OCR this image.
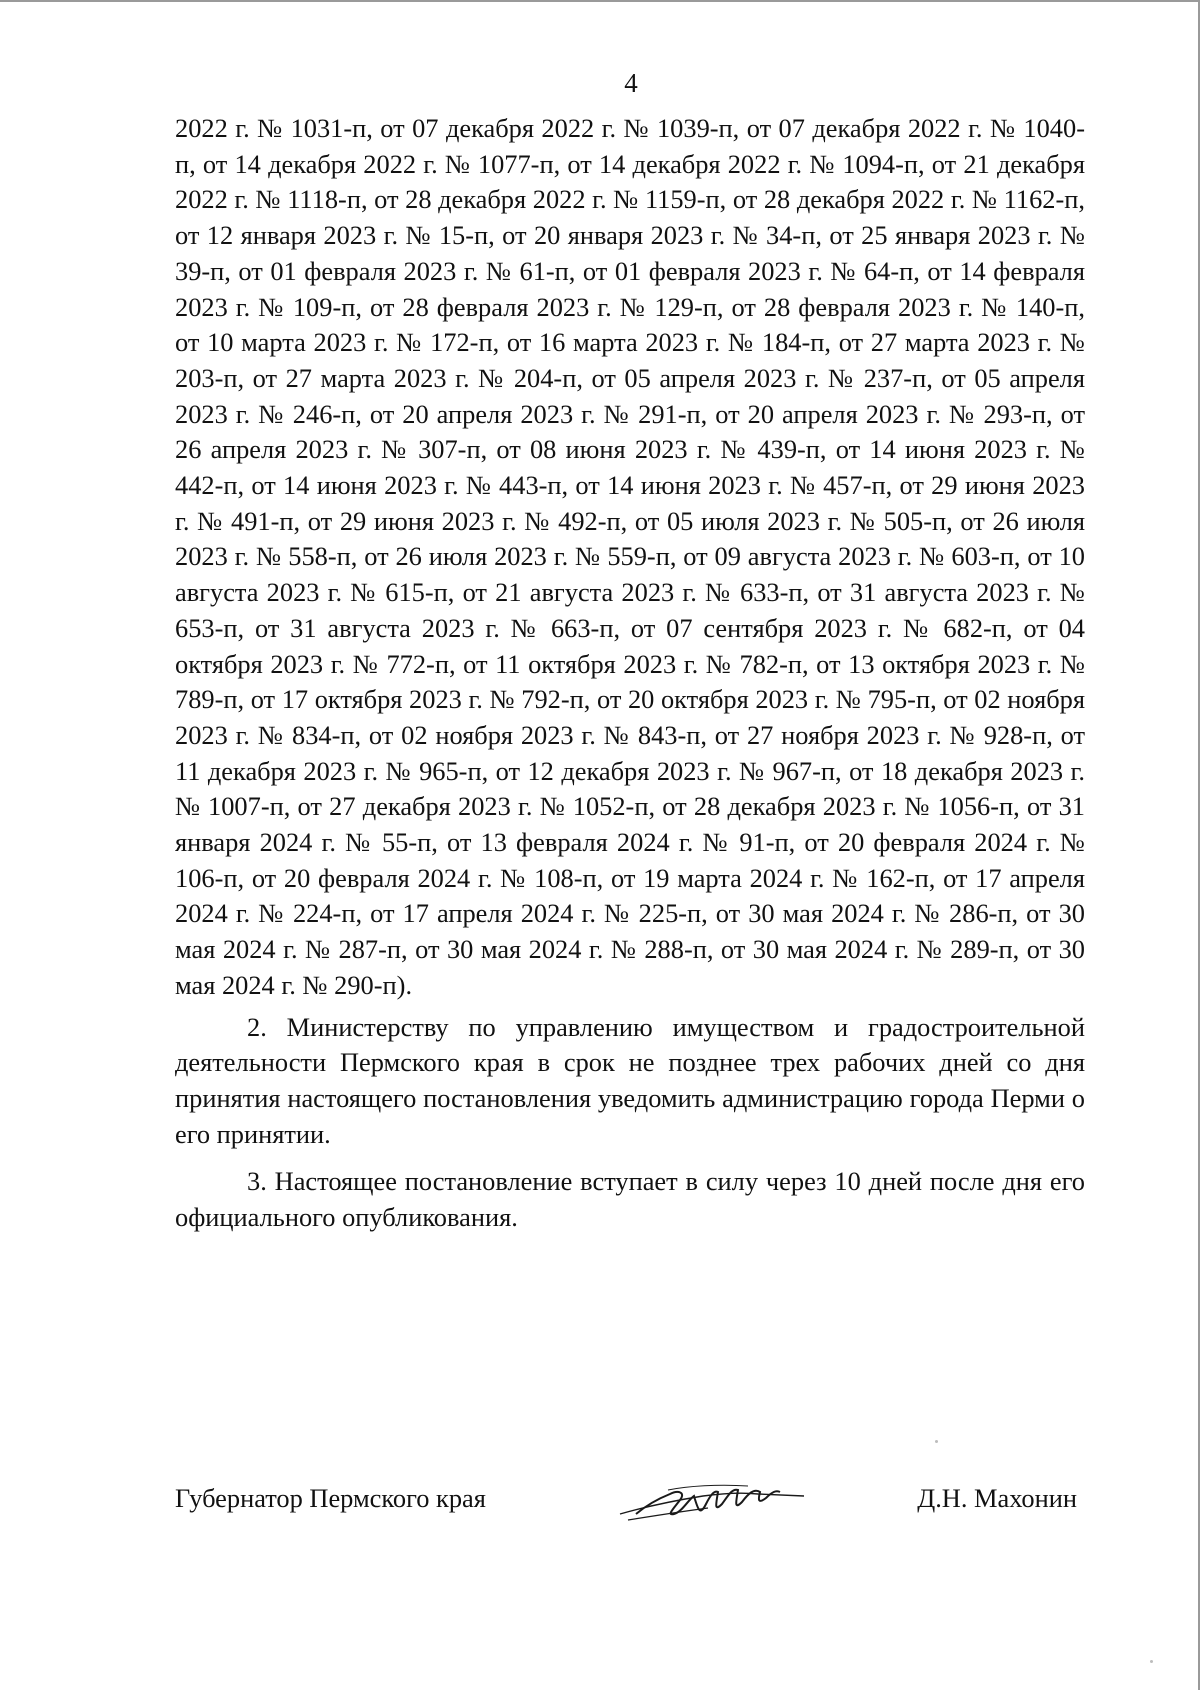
4

2022 г. № 1031-п, от 07 декабря 2022 г. № 1039-п, от 07 декабря 2022 г. № 1040-п, от 14 декабря 2022 г. № 1077-п, от 14 декабря 2022 г. № 1094-п, от 21 декабря 2022 г. № 1118-п, от 28 декабря 2022 г. № 1159-п, от 28 декабря 2022 г. № 1162-п, от 12 января 2023 г. № 15-п, от 20 января 2023 г. № 34-п, от 25 января 2023 г. № 39-п, от 01 февраля 2023 г. № 61-п, от 01 февраля 2023 г. № 64-п, от 14 февраля 2023 г. № 109-п, от 28 февраля 2023 г. № 129-п, от 28 февраля 2023 г. № 140-п, от 10 марта 2023 г. № 172-п, от 16 марта 2023 г. № 184-п, от 27 марта 2023 г. № 203-п, от 27 марта 2023 г. № 204-п, от 05 апреля 2023 г. № 237-п, от 05 апреля 2023 г. № 246-п, от 20 апреля 2023 г. № 291-п, от 20 апреля 2023 г. № 293-п, от 26 апреля 2023 г. № 307-п, от 08 июня 2023 г. № 439-п, от 14 июня 2023 г. № 442-п, от 14 июня 2023 г. № 443-п, от 14 июня 2023 г. № 457-п, от 29 июня 2023 г. № 491-п, от 29 июня 2023 г. № 492-п, от 05 июля 2023 г. № 505-п, от 26 июля 2023 г. № 558-п, от 26 июля 2023 г. № 559-п, от 09 августа 2023 г. № 603-п, от 10 августа 2023 г. № 615-п, от 21 августа 2023 г. № 633-п, от 31 августа 2023 г. № 653-п, от 31 августа 2023 г. № 663-п, от 07 сентября 2023 г. № 682-п, от 04 октября 2023 г. № 772-п, от 11 октября 2023 г. № 782-п, от 13 октября 2023 г. № 789-п, от 17 октября 2023 г. № 792-п, от 20 октября 2023 г. № 795-п, от 02 ноября 2023 г. № 834-п, от 02 ноября 2023 г. № 843-п, от 27 ноября 2023 г. № 928-п, от 11 декабря 2023 г. № 965-п, от 12 декабря 2023 г. № 967-п, от 18 декабря 2023 г. № 1007-п, от 27 декабря 2023 г. № 1052-п, от 28 декабря 2023 г. № 1056-п, от 31 января 2024 г. № 55-п, от 13 февраля 2024 г. № 91-п, от 20 февраля 2024 г. № 106-п, от 20 февраля 2024 г. № 108-п, от 19 марта 2024 г. № 162-п, от 17 апреля 2024 г. № 224-п, от 17 апреля 2024 г. № 225-п, от 30 мая 2024 г. № 286-п, от 30 мая 2024 г. № 287-п, от 30 мая 2024 г. № 288-п, от 30 мая 2024 г. № 289-п, от 30 мая 2024 г. № 290-п).

2. Министерству по управлению имуществом и градостроительной деятельности Пермского края в срок не позднее трех рабочих дней со дня принятия настоящего постановления уведомить администрацию города Перми о его принятии.

3. Настоящее постановление вступает в силу через 10 дней после дня его официального опубликования.

Губернатор Пермского края	Д.Н. Махонин
